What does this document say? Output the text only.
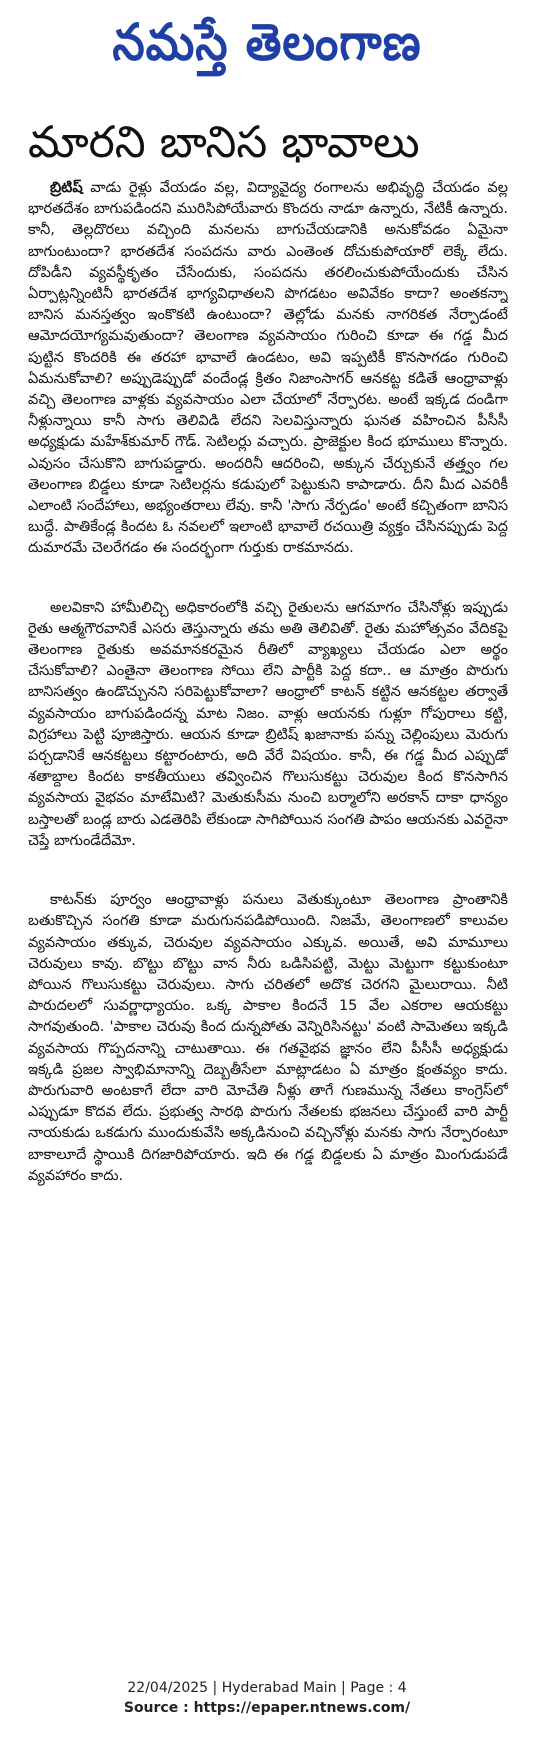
నమస్తే తెలంగాణ
మారని బానిస భావాలు

బ్రిటిష్ వాడు రైళ్లు వేయడం వల్ల, విద్యావైద్య రంగాలను అభివృద్ధి చేయడం వల్ల భారతదేశం బాగుపడిందని మురిసిపోయేవారు కొందరు నాడూ ఉన్నారు, నేటికీ ఉన్నారు. కానీ, తెల్లదొరలు వచ్చింది మనలను బాగుచేయడానికి అనుకోవడం ఏమైనా బాగుంటుందా? భారతదేశ సంపదను వారు ఎంతెంత దోచుకుపోయారో లెక్కే లేదు. దోపిడీని వ్యవస్థీకృతం చేసేందుకు, సంపదను తరలించుకుపోయేందుకు చేసిన ఏర్పాట్లన్నింటినీ భారతదేశ భాగ్యవిధాతలని పొగడటం అవివేకం కాదా? అంతకన్నా బానిస మనస్తత్వం ఇంకొకటి ఉంటుందా? తెల్లోడు మనకు నాగరికత నేర్పాడంటే ఆమోదయోగ్యమవుతుందా? తెలంగాణ వ్యవసాయం గురించి కూడా ఈ గడ్డ మీద పుట్టిన కొందరికి ఈ తరహా భావాలే ఉండటం, అవి ఇప్పటికీ కొనసాగడం గురించి ఏమనుకోవాలి? అప్పుడెప్పుడో వందేండ్ల క్రితం నిజాంసాగర్ ఆనకట్ట కడితే ఆంధ్రావాళ్లు వచ్చి తెలంగాణ వాళ్లకు వ్యవసాయం ఎలా చేయాలో నేర్పారట. అంటే ఇక్కడ దండిగా నీళ్లున్నాయి కానీ సాగు తెలివిడి లేదని సెలవిస్తున్నారు ఘనత వహించిన పీసీసీ అధ్యక్షుడు మహేశ్‌కుమార్ గౌడ్. సెటిలర్లు వచ్చారు. ప్రాజెక్టుల కింద భూములు కొన్నారు. ఎవుసం చేసుకొని బాగుపడ్డారు. అందరినీ ఆదరించి, అక్కున చేర్చుకునే తత్త్వం గల తెలంగాణ బిడ్డలు కూడా సెటిలర్లను కడుపులో పెట్టుకుని కాపాడారు. దీని మీద ఎవరికీ ఎలాంటి సందేహాలు, అభ్యంతరాలు లేవు. కానీ 'సాగు నేర్పడం' అంటే కచ్చితంగా బానిస బుద్ధే. పాతికేండ్ల కిందట ఓ నవలలో ఇలాంటి భావాలే రచయిత్రి వ్యక్తం చేసినప్పుడు పెద్ద దుమారమే చెలరేగడం ఈ సందర్భంగా గుర్తుకు రాకమానదు.

అలవికాని హామీలిచ్చి అధికారంలోకి వచ్చి రైతులను ఆగమాగం చేసినోళ్లు ఇప్పుడు రైతు ఆత్మగౌరవానికే ఎసరు తెస్తున్నారు తమ అతి తెలివితో. రైతు మహోత్సవం వేదికపై తెలంగాణ రైతుకు అవమానకరమైన రీతిలో వ్యాఖ్యలు చేయడం ఎలా అర్థం చేసుకోవాలి? ఎంతైనా తెలంగాణ సోయి లేని పార్టీకి పెద్ద కదా.. ఆ మాత్రం పొరుగు బానిసత్వం ఉండొచ్చునని సరిపెట్టుకోవాలా? ఆంధ్రాలో కాటన్ కట్టిన ఆనకట్టల తర్వాతే వ్యవసాయం బాగుపడిందన్న మాట నిజం. వాళ్లు ఆయనకు గుళ్లూ గోపురాలు కట్టి, విగ్రహాలు పెట్టి పూజిస్తారు. ఆయన కూడా బ్రిటిష్ ఖజానాకు పన్ను చెల్లింపులు మెరుగు పర్చడానికే ఆనకట్టలు కట్టారంటారు, అది వేరే విషయం. కానీ, ఈ గడ్డ మీద ఎప్పుడో శతాబ్దాల కిందట కాకతీయులు తవ్వించిన గొలుసుకట్టు చెరువుల కింద కొనసాగిన వ్యవసాయ వైభవం మాటేమిటి? మెతుకుసీమ నుంచి బర్మాలోని అరకాన్ దాకా ధాన్యం బస్తాలతో బండ్ల బారు ఎడతెరిపి లేకుండా సాగిపోయిన సంగతి పాపం ఆయనకు ఎవరైనా చెప్తే బాగుండేదేమో.

కాటన్‌కు పూర్వం ఆంధ్రావాళ్లు పనులు వెతుక్కుంటూ తెలంగాణ ప్రాంతానికి బతుకొచ్చిన సంగతి కూడా మరుగునపడిపోయింది. నిజమే, తెలంగాణలో కాలువల వ్యవసాయం తక్కువ, చెరువుల వ్యవసాయం ఎక్కువ. అయితే, అవి మామూలు చెరువులు కావు. బొట్టు బొట్టు వాన నీరు ఒడిసిపట్టి, మెట్టు మెట్టుగా కట్టుకుంటూ పోయిన గొలుసుకట్టు చెరువులు. సాగు చరితలో అదొక చెరగని మైలురాయి. నీటి పారుదలలో సువర్ణాధ్యాయం. ఒక్క పాకాల కిందనే 15 వేల ఎకరాల ఆయకట్టు సాగవుతుంది. 'పాకాల చెరువు కింద దున్నపోతు వెన్నిరిసినట్టు' వంటి సామెతలు ఇక్కడి వ్యవసాయ గొప్పదనాన్ని చాటుతాయి. ఈ గతవైభవ జ్ఞానం లేని పీసీసీ అధ్యక్షుడు ఇక్కడి ప్రజల స్వాభిమానాన్ని దెబ్బతీసేలా మాట్లాడటం ఏ మాత్రం క్షంతవ్యం కాదు. పొరుగువారి అంటకాగే లేదా వారి మోచేతి నీళ్లు తాగే గుణమున్న నేతలు కాంగ్రెస్‌లో ఎప్పుడూ కొదవ లేదు. ప్రభుత్వ సారథి పొరుగు నేతలకు భజనలు చేస్తుంటే వారి పార్టీ నాయకుడు ఒకడుగు ముందుకువేసి అక్కడినుంచి వచ్చినోళ్లు మనకు సాగు నేర్పారంటూ బాకాలూదే స్థాయికి దిగజారిపోయారు. ఇది ఈ గడ్డ బిడ్డలకు ఏ మాత్రం మింగుడుపడే వ్యవహారం కాదు.

22/04/2025 | Hyderabad Main | Page : 4
Source : https://epaper.ntnews.com/
